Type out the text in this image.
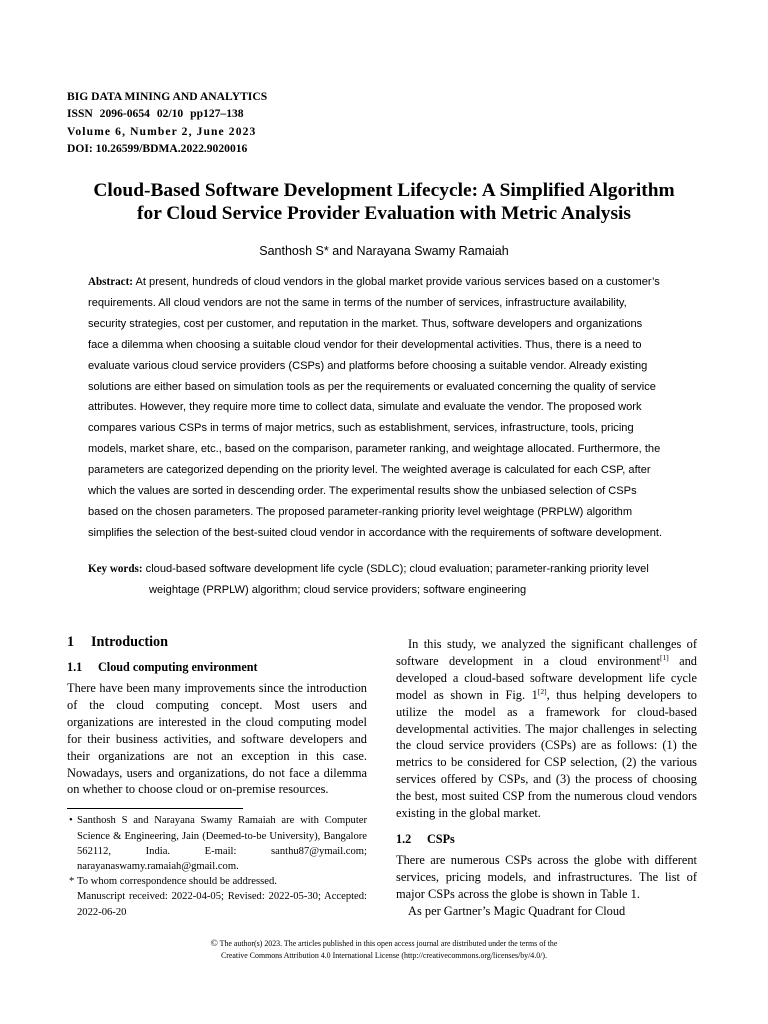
BIG DATA MINING AND ANALYTICS
ISSN 2096-0654 02/10 pp127–138
Volume 6, Number 2, June 2023
DOI: 10.26599/BDMA.2022.9020016
Cloud-Based Software Development Lifecycle: A Simplified Algorithm
for Cloud Service Provider Evaluation with Metric Analysis
Santhosh S* and Narayana Swamy Ramaiah
Abstract: At present, hundreds of cloud vendors in the global market provide various services based on a customer’s
requirements. All cloud vendors are not the same in terms of the number of services, infrastructure availability,
security strategies, cost per customer, and reputation in the market. Thus, software developers and organizations
face a dilemma when choosing a suitable cloud vendor for their developmental activities. Thus, there is a need to
evaluate various cloud service providers (CSPs) and platforms before choosing a suitable vendor. Already existing
solutions are either based on simulation tools as per the requirements or evaluated concerning the quality of service
attributes. However, they require more time to collect data, simulate and evaluate the vendor. The proposed work
compares various CSPs in terms of major metrics, such as establishment, services, infrastructure, tools, pricing
models, market share, etc., based on the comparison, parameter ranking, and weightage allocated. Furthermore, the
parameters are categorized depending on the priority level. The weighted average is calculated for each CSP, after
which the values are sorted in descending order. The experimental results show the unbiased selection of CSPs
based on the chosen parameters. The proposed parameter-ranking priority level weightage (PRPLW) algorithm
simplifies the selection of the best-suited cloud vendor in accordance with the requirements of software development.
Key words: cloud-based software development life cycle (SDLC); cloud evaluation; parameter-ranking priority level
weightage (PRPLW) algorithm; cloud service providers; software engineering
1 Introduction
1.1 Cloud computing environment

There have been many improvements since the introduction of the cloud computing concept. Most users and organizations are interested in the cloud computing model for their business activities, and software developers and their organizations are not an exception in this case. Nowadays, users and organizations, do not face a dilemma on whether to choose cloud or on-premise resources.

• Santhosh S and Narayana Swamy Ramaiah are with Computer Science & Engineering, Jain (Deemed-to-be University), Bangalore 562112, India. E-mail: santhu87@ymail.com; narayanaswamy.ramaiah@gmail.com.

* To whom correspondence should be addressed.

Manuscript received: 2022-04-05; Revised: 2022-05-30; Accepted: 2022-06-20

In this study, we analyzed the significant challenges of software development in a cloud environment[1] and developed a cloud-based software development life cycle model as shown in Fig. 1[2], thus helping developers to utilize the model as a framework for cloud-based developmental activities. The major challenges in selecting the cloud service providers (CSPs) are as follows: (1) the metrics to be considered for CSP selection, (2) the various services offered by CSPs, and (3) the process of choosing the best, most suited CSP from the numerous cloud vendors existing in the global market.

1.2 CSPs

There are numerous CSPs across the globe with different services, pricing models, and infrastructures. The list of major CSPs across the globe is shown in Table 1.

As per Gartner’s Magic Quadrant for Cloud

© The author(s) 2023. The articles published in this open access journal are distributed under the terms of the
Creative Commons Attribution 4.0 International License (http://creativecommons.org/licenses/by/4.0/).
